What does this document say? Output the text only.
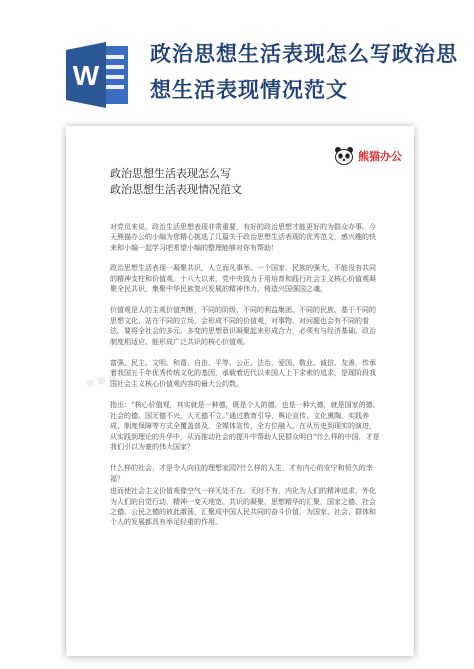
W
政治思想生活表现怎么写政治思想生活表现情况范文
■ ■ ■
熊猫办公
政治思想生活表现怎么写
政治思想生活表现情况范文

对党员来说，政治生活思想表现非常重要，有好的政治思想才能更好的为群众办事。今天熊猫办公的小编为您精心挑选了几篇关于政治思想生活表现的优秀范文，感兴趣的快来和小编一起学习吧希望小编的整理能够对你有帮助！

政治思想生活表现一凝聚共识，人立而凡事举。一个国家、民族的强大，不能没有共同的精神支柱和价值观。十八大以来，党中央致力于用培育和践行社会主义核心价值观凝聚全民共识，集聚中华民族复兴发展的精神伟力，铸造兴国强国之魂。

价值观是人的主观价值判断，不同的阶级、不同的利益集团、不同的民族、基于不同的思想文化、站在不同的立场，会形成不同的价值观，对事物、对问题也会有不同的看法。要将全社会的多元、多变的思想意识凝聚起来形成合力，必须有与经济基础、政治制度相适应、能形成广泛共识的核心价值观。

富强、民主、文明、和谐，自由、平等、公正、法治，爱国、敬业、诚信、友善，传承着我国五千年优秀传统文化的基因，承载着近代以来国人上下求索的追求，是现阶段我国社会主义核心价值观内容的最大公约数。

指出：“核心价值观，其实就是一种德，既是个人的德，也是一种大德，就是国家的德、社会的德。国无德不兴，人无德不立。”通过教育引导、舆论宣传、文化熏陶、实践养成、制度保障等方式全覆盖普及，全媒体宣传，全方位融入，在从历史到现实的演进，从实践到理论的升华中，从而推动社会的提升中帮助人民群众明白“什么样的中国，才是我们引以为豪的伟大国家？

什么样的社会，才是令人向往的理想家园?什么样的人生，才有内心的安宁和恒久的幸福？

进而使社会主义价值观像空气一样无处不在、无时不有，内化为人们的精神追求，外化为人们的自觉行动，精神一变天地宽。共识的凝聚，思想精华的汇聚，国家之德、社会之德、公民之德的彼此激荡，汇聚成中国人民共同的奋斗价值，为国家、社会、群体和个人的发展都具有举足轻重的作用。
